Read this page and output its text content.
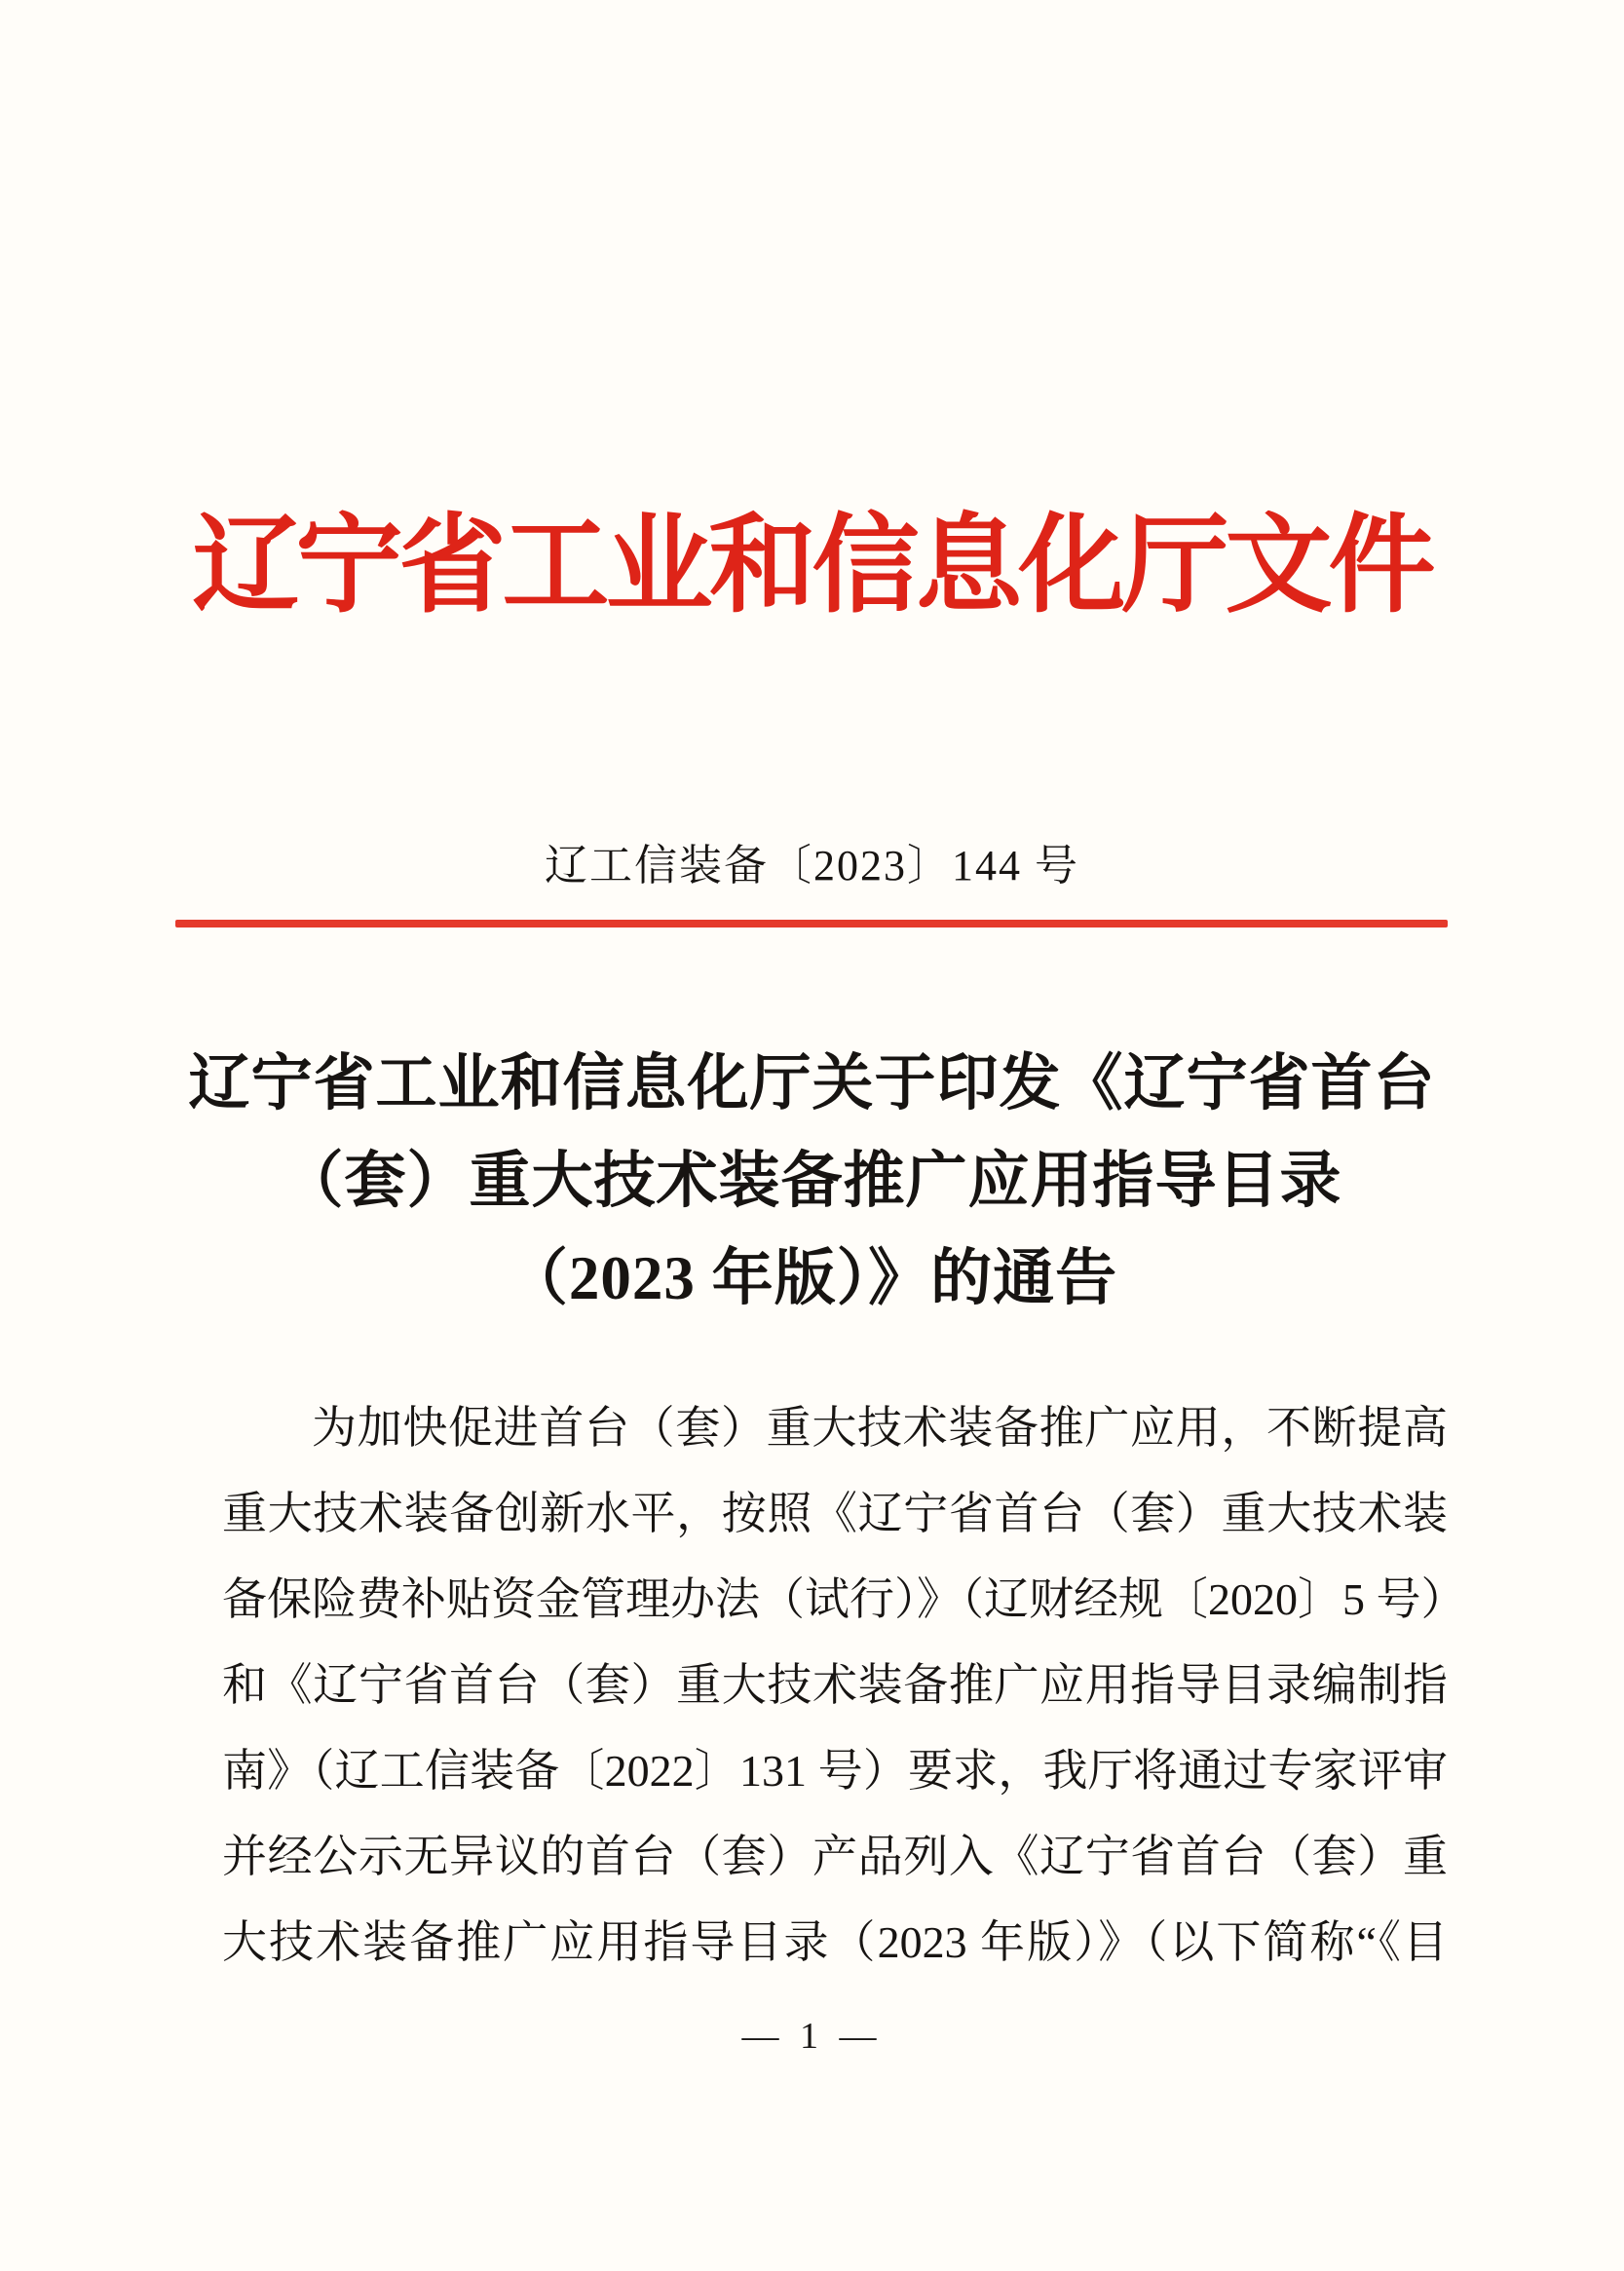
辽宁省工业和信息化厅文件
辽工信装备〔2023〕144 号
辽宁省工业和信息化厅关于印发《辽宁省首台
（套）重大技术装备推广应用指导目录
（2023 年版）》的通告
为加快促进首台（套）重大技术装备推广应用，不断提高
重大技术装备创新水平，按照《辽宁省首台（套）重大技术装
备保险费补贴资金管理办法（试行）》（辽财经规〔2020〕5 号）
和《辽宁省首台（套）重大技术装备推广应用指导目录编制指
南》（辽工信装备〔2022〕131 号）要求，我厅将通过专家评审
并经公示无异议的首台（套）产品列入《辽宁省首台（套）重
大技术装备推广应用指导目录（2023 年版）》（以下简称“《目
— 1 —
